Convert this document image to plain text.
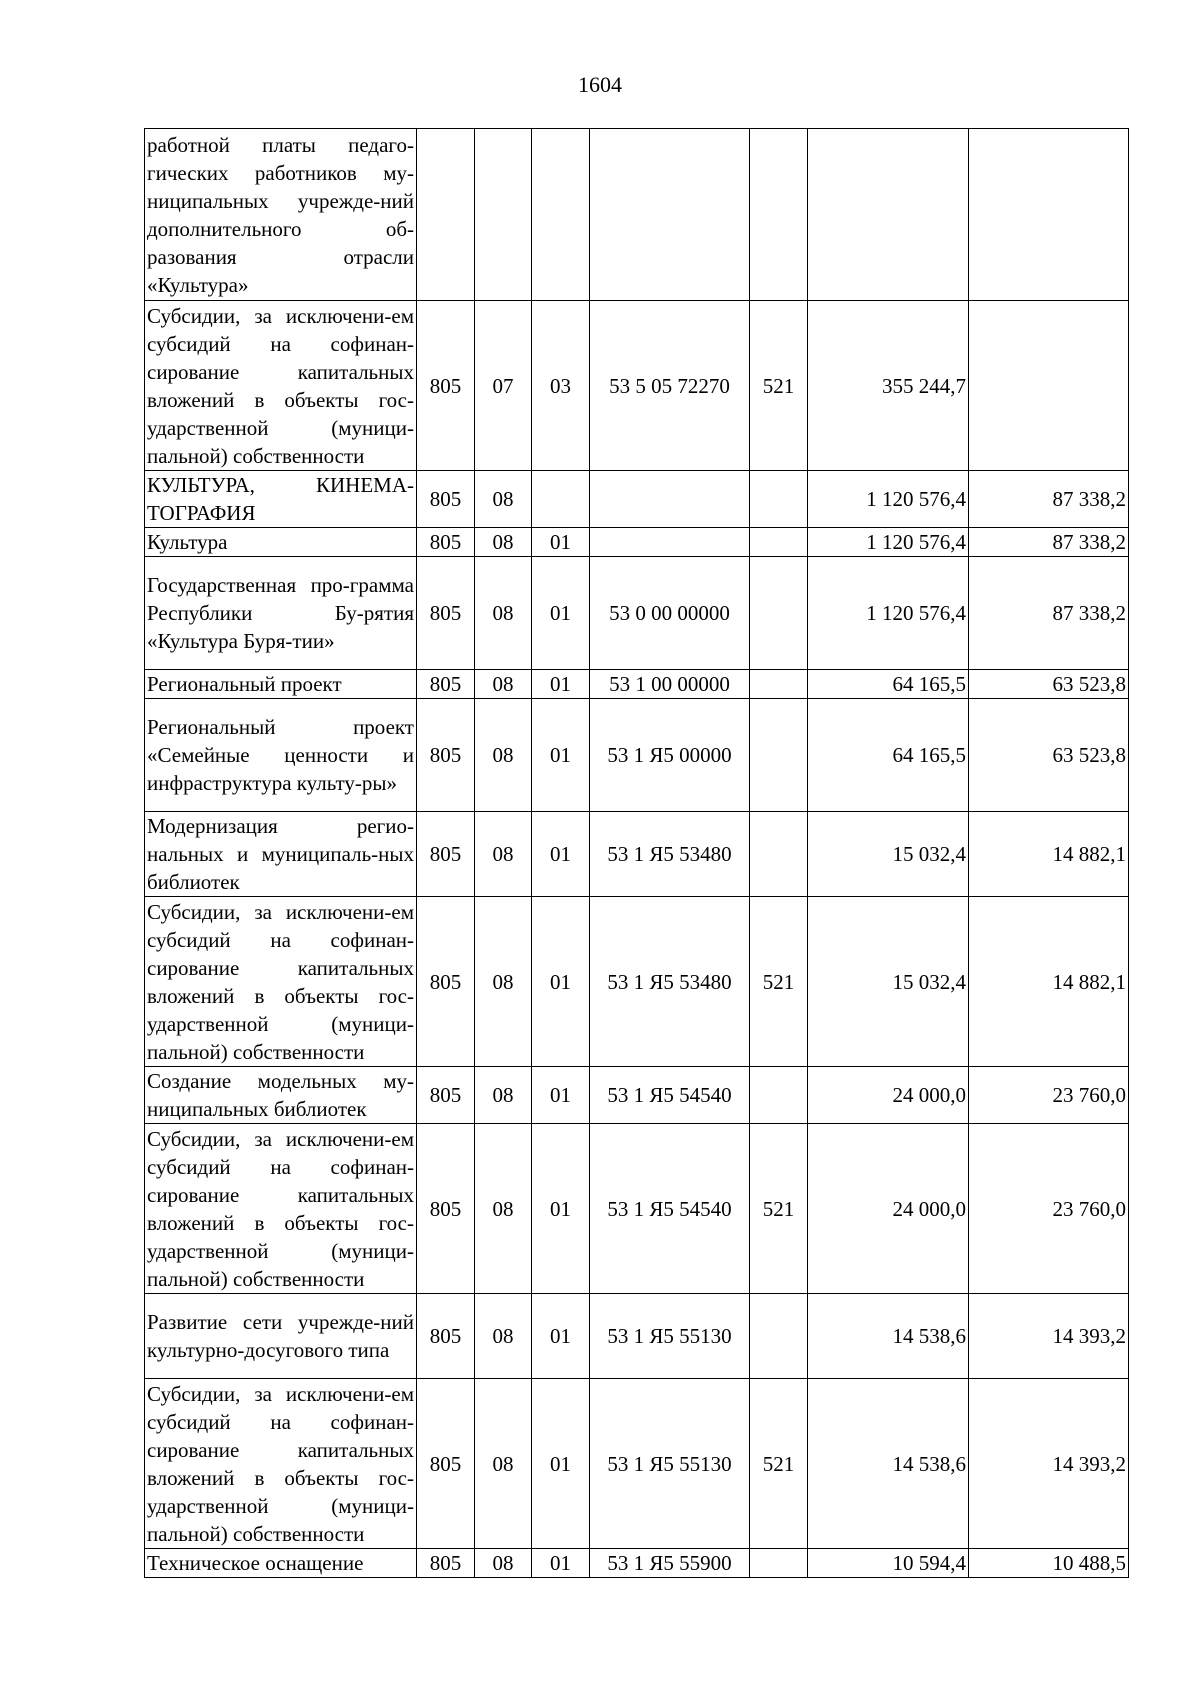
1604
работной платы педаго-гических работников му-ниципальных учрежде-ний дополнительного об-разования отрасли «Культура»							
Субсидии, за исключени-ем субсидий на софинан-сирование капитальных вложений в объекты гос-ударственной (муници-пальной) собственности	805	07	03	53 5 05 72270	521	355 244,7	
КУЛЬТУРА, КИНЕМА-ТОГРАФИЯ	805	08				1 120 576,4	87 338,2
Культура	805	08	01			1 120 576,4	87 338,2
Государственная про-грамма Республики Бу-рятия «Культура Буря-тии»	805	08	01	53 0 00 00000		1 120 576,4	87 338,2
Региональный проект	805	08	01	53 1 00 00000		64 165,5	63 523,8
Региональный проект «Семейные ценности и инфраструктура культу-ры»	805	08	01	53 1 Я5 00000		64 165,5	63 523,8
Модернизация регио-нальных и муниципаль-ных библиотек	805	08	01	53 1 Я5 53480		15 032,4	14 882,1
Субсидии, за исключени-ем субсидий на софинан-сирование капитальных вложений в объекты гос-ударственной (муници-пальной) собственности	805	08	01	53 1 Я5 53480	521	15 032,4	14 882,1
Создание модельных му-ниципальных библиотек	805	08	01	53 1 Я5 54540		24 000,0	23 760,0
Субсидии, за исключени-ем субсидий на софинан-сирование капитальных вложений в объекты гос-ударственной (муници-пальной) собственности	805	08	01	53 1 Я5 54540	521	24 000,0	23 760,0
Развитие сети учрежде-ний культурно-досугового типа	805	08	01	53 1 Я5 55130		14 538,6	14 393,2
Субсидии, за исключени-ем субсидий на софинан-сирование капитальных вложений в объекты гос-ударственной (муници-пальной) собственности	805	08	01	53 1 Я5 55130	521	14 538,6	14 393,2
Техническое оснащение	805	08	01	53 1 Я5 55900		10 594,4	10 488,5
